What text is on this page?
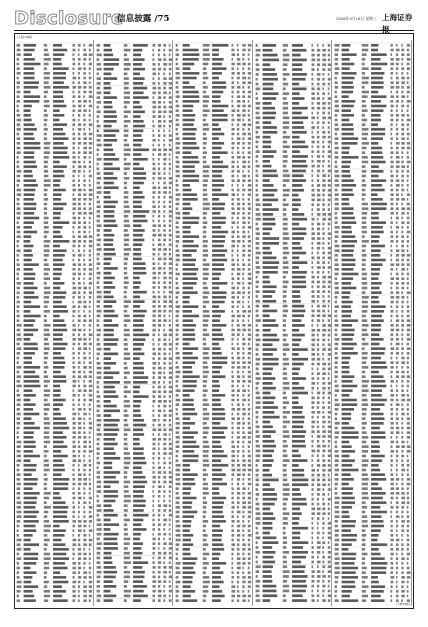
Disclosure
信息披露 /75	2008年4月16日 星期三 上海证券
(上接74版)
(下转76版)
